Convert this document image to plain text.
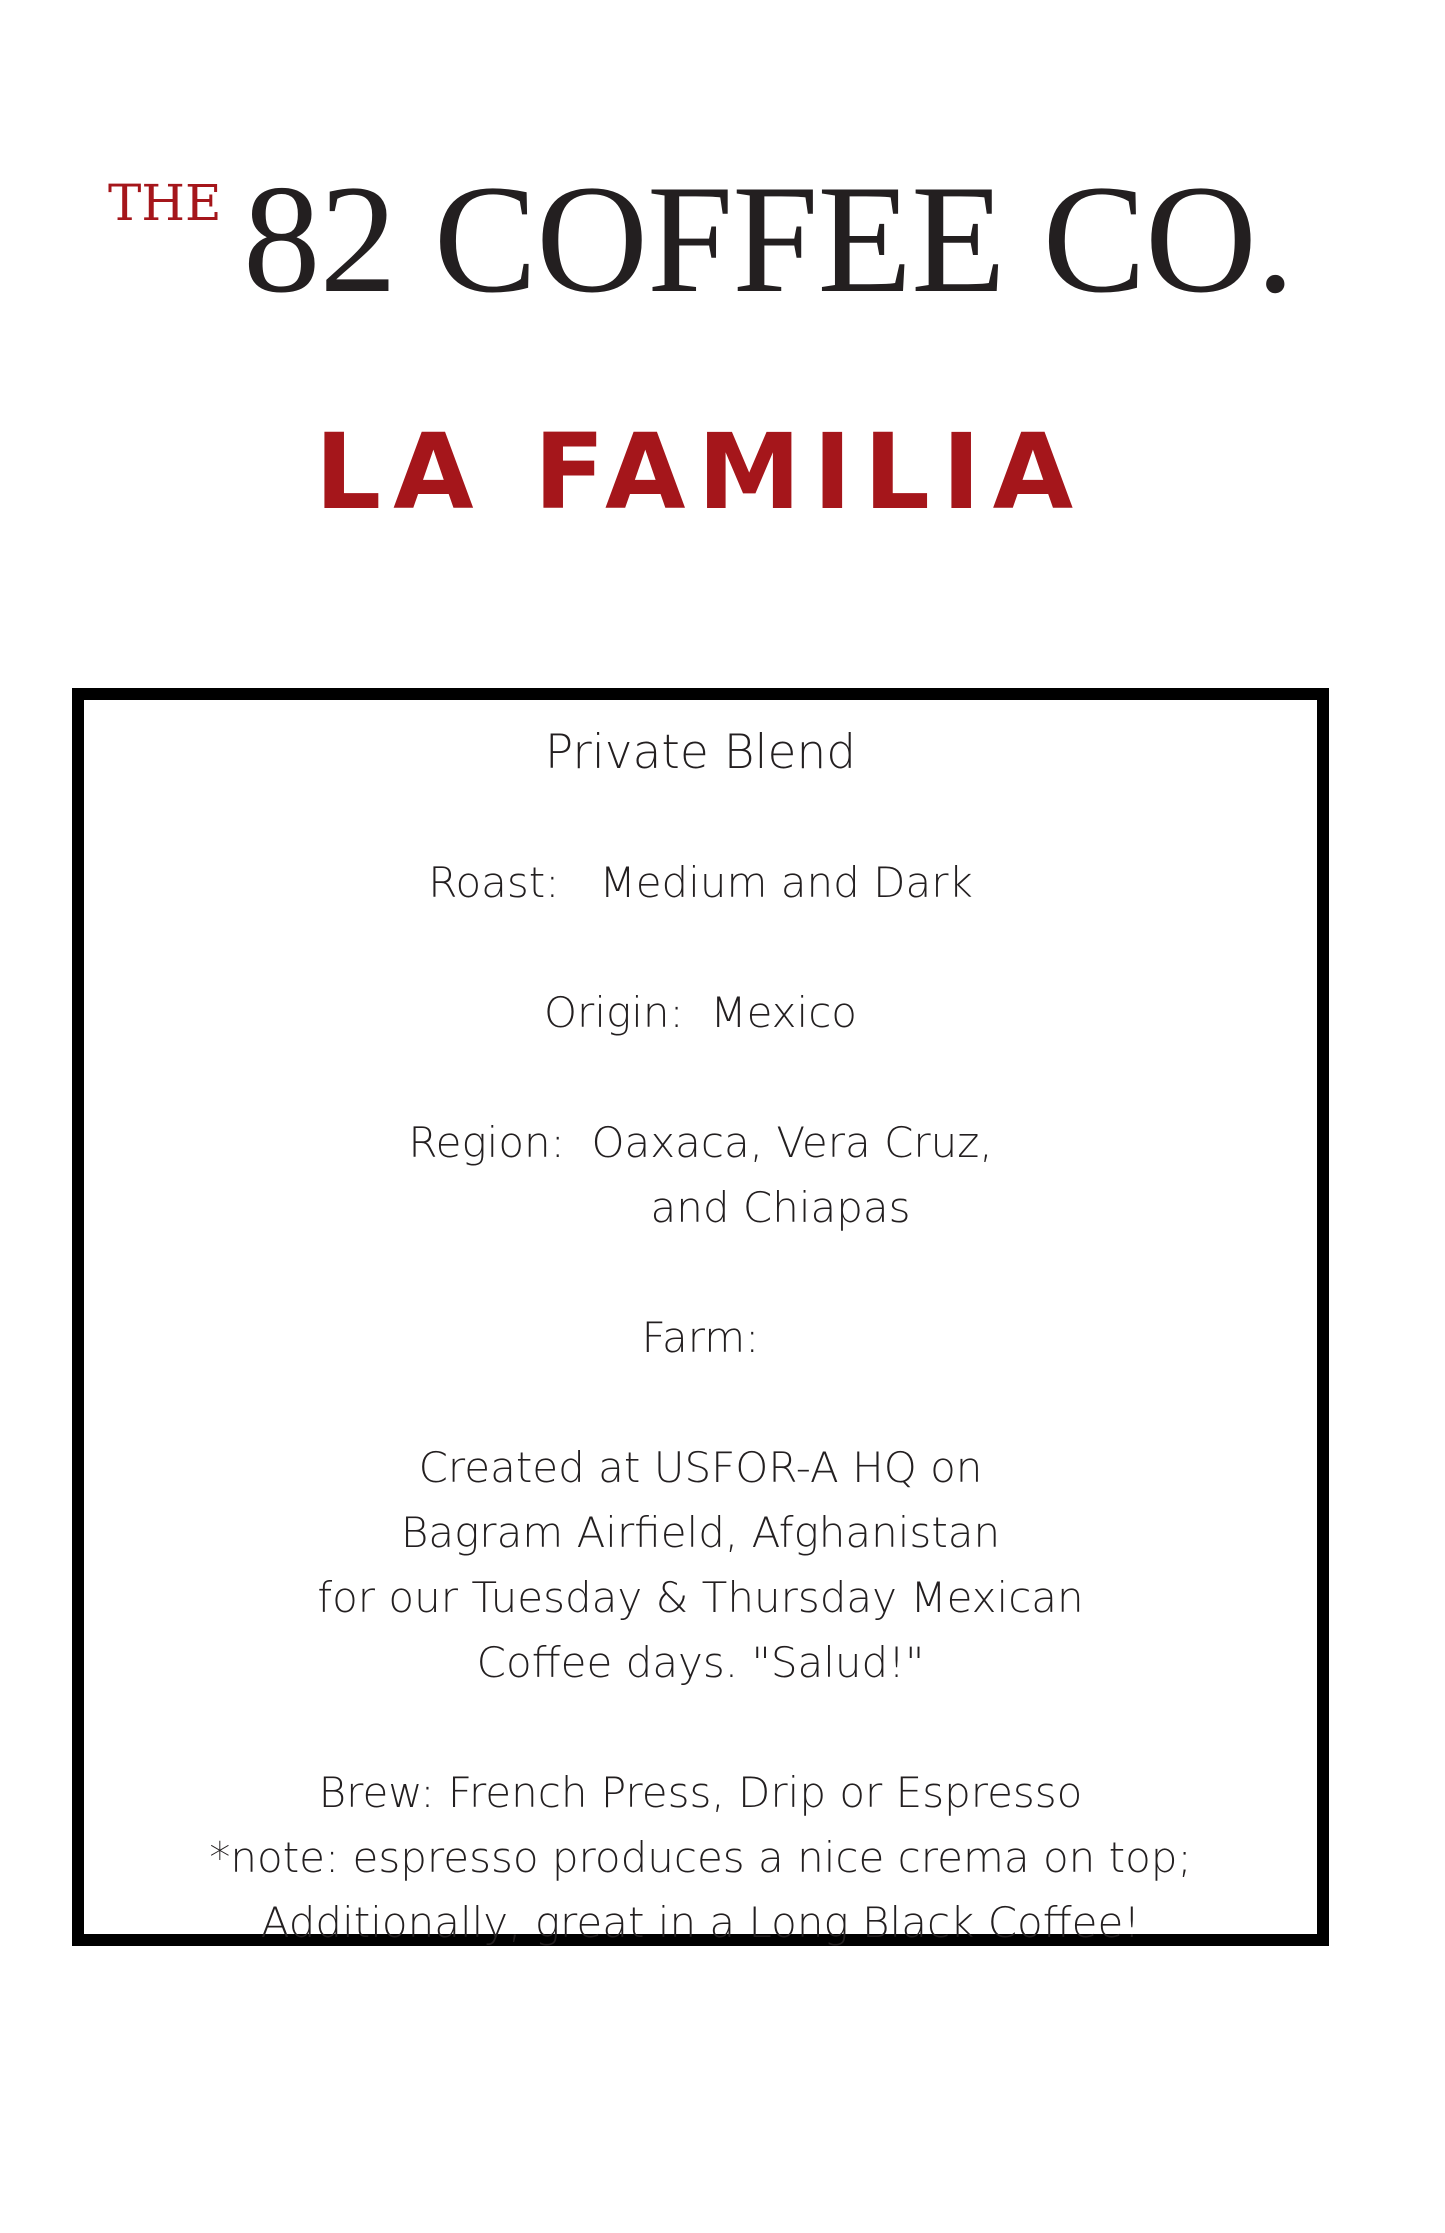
THE 82 COFFEE CO.
LA FAMILIA
Private Blend
Roast:   Medium and Dark
Origin:  Mexico
Region:  Oaxaca, Vera Cruz,
and Chiapas
Farm:
Created at USFOR-A HQ on
Bagram Airfield, Afghanistan
for our Tuesday & Thursday Mexican
Coffee days. "Salud!"
Brew: French Press, Drip or Espresso
*note: espresso produces a nice crema on top;
Additionally, great in a Long Black Coffee!
